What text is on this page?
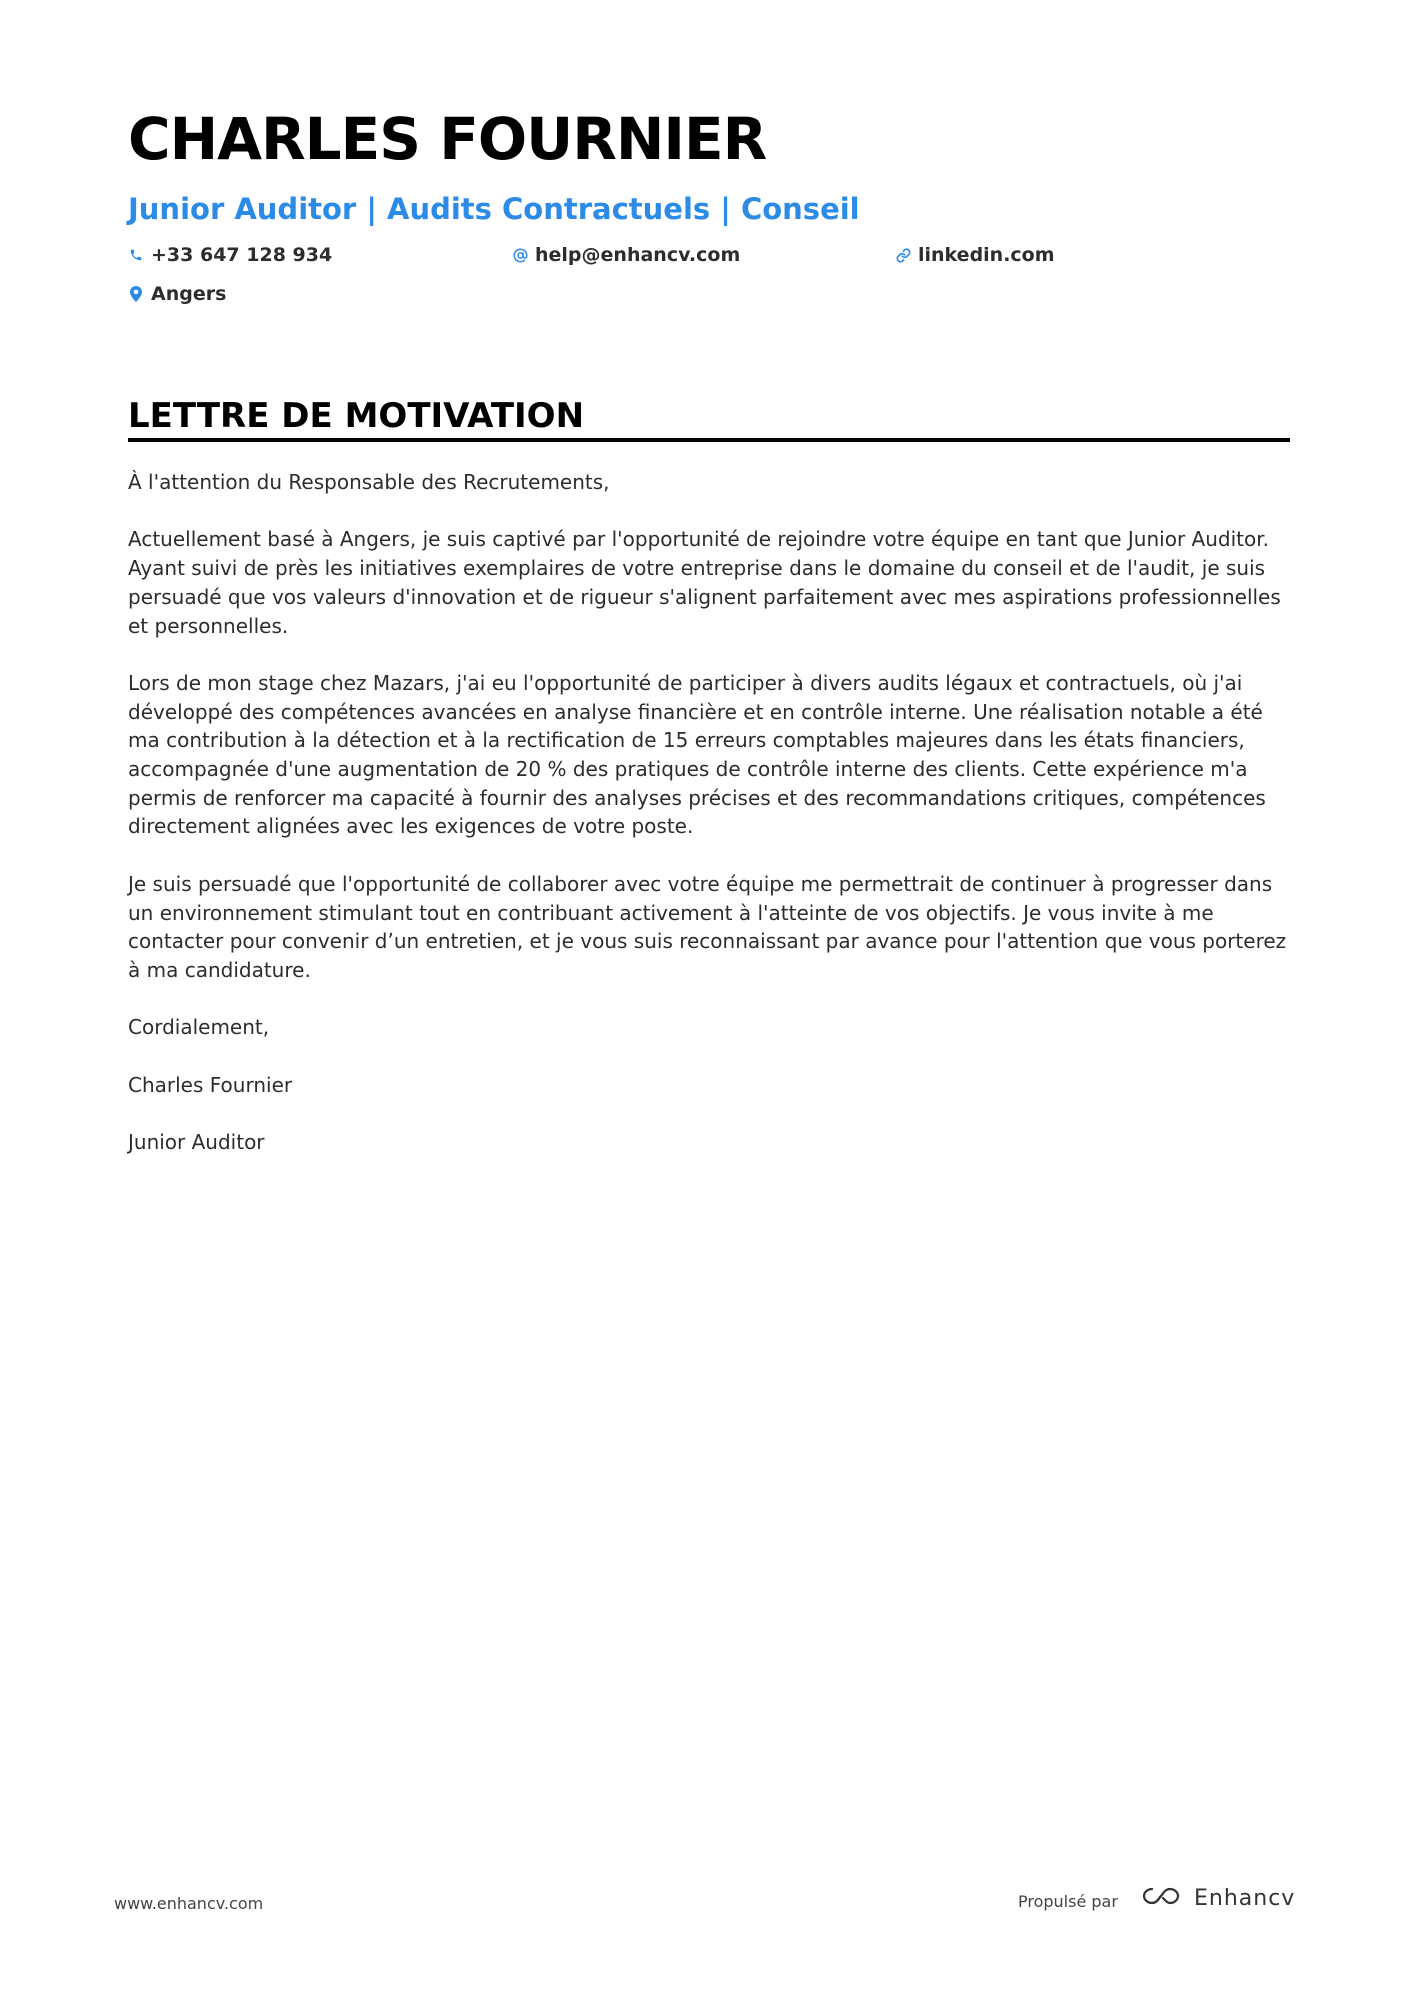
CHARLES FOURNIER
Junior Auditor | Audits Contractuels | Conseil
+33 647 128 934	help@enhancv.com	linkedin.com
Angers
LETTRE DE MOTIVATION

À l'attention du Responsable des Recrutements,

Actuellement basé à Angers, je suis captivé par l'opportunité de rejoindre votre équipe en tant que Junior Auditor. Ayant suivi de près les initiatives exemplaires de votre entreprise dans le domaine du conseil et de l'audit, je suis persuadé que vos valeurs d'innovation et de rigueur s'alignent parfaitement avec mes aspirations professionnelles et personnelles.

Lors de mon stage chez Mazars, j'ai eu l'opportunité de participer à divers audits légaux et contractuels, où j'ai développé des compétences avancées en analyse financière et en contrôle interne. Une réalisation notable a été ma contribution à la détection et à la rectification de 15 erreurs comptables majeures dans les états financiers, accompagnée d'une augmentation de 20 % des pratiques de contrôle interne des clients. Cette expérience m'a permis de renforcer ma capacité à fournir des analyses précises et des recommandations critiques, compétences directement alignées avec les exigences de votre poste.

Je suis persuadé que l'opportunité de collaborer avec votre équipe me permettrait de continuer à progresser dans un environnement stimulant tout en contribuant activement à l'atteinte de vos objectifs. Je vous invite à me contacter pour convenir d’un entretien, et je vous suis reconnaissant par avance pour l'attention que vous porterez à ma candidature.

Cordialement,

Charles Fournier

Junior Auditor

www.enhancv.com	Propulsé par	Enhancv
